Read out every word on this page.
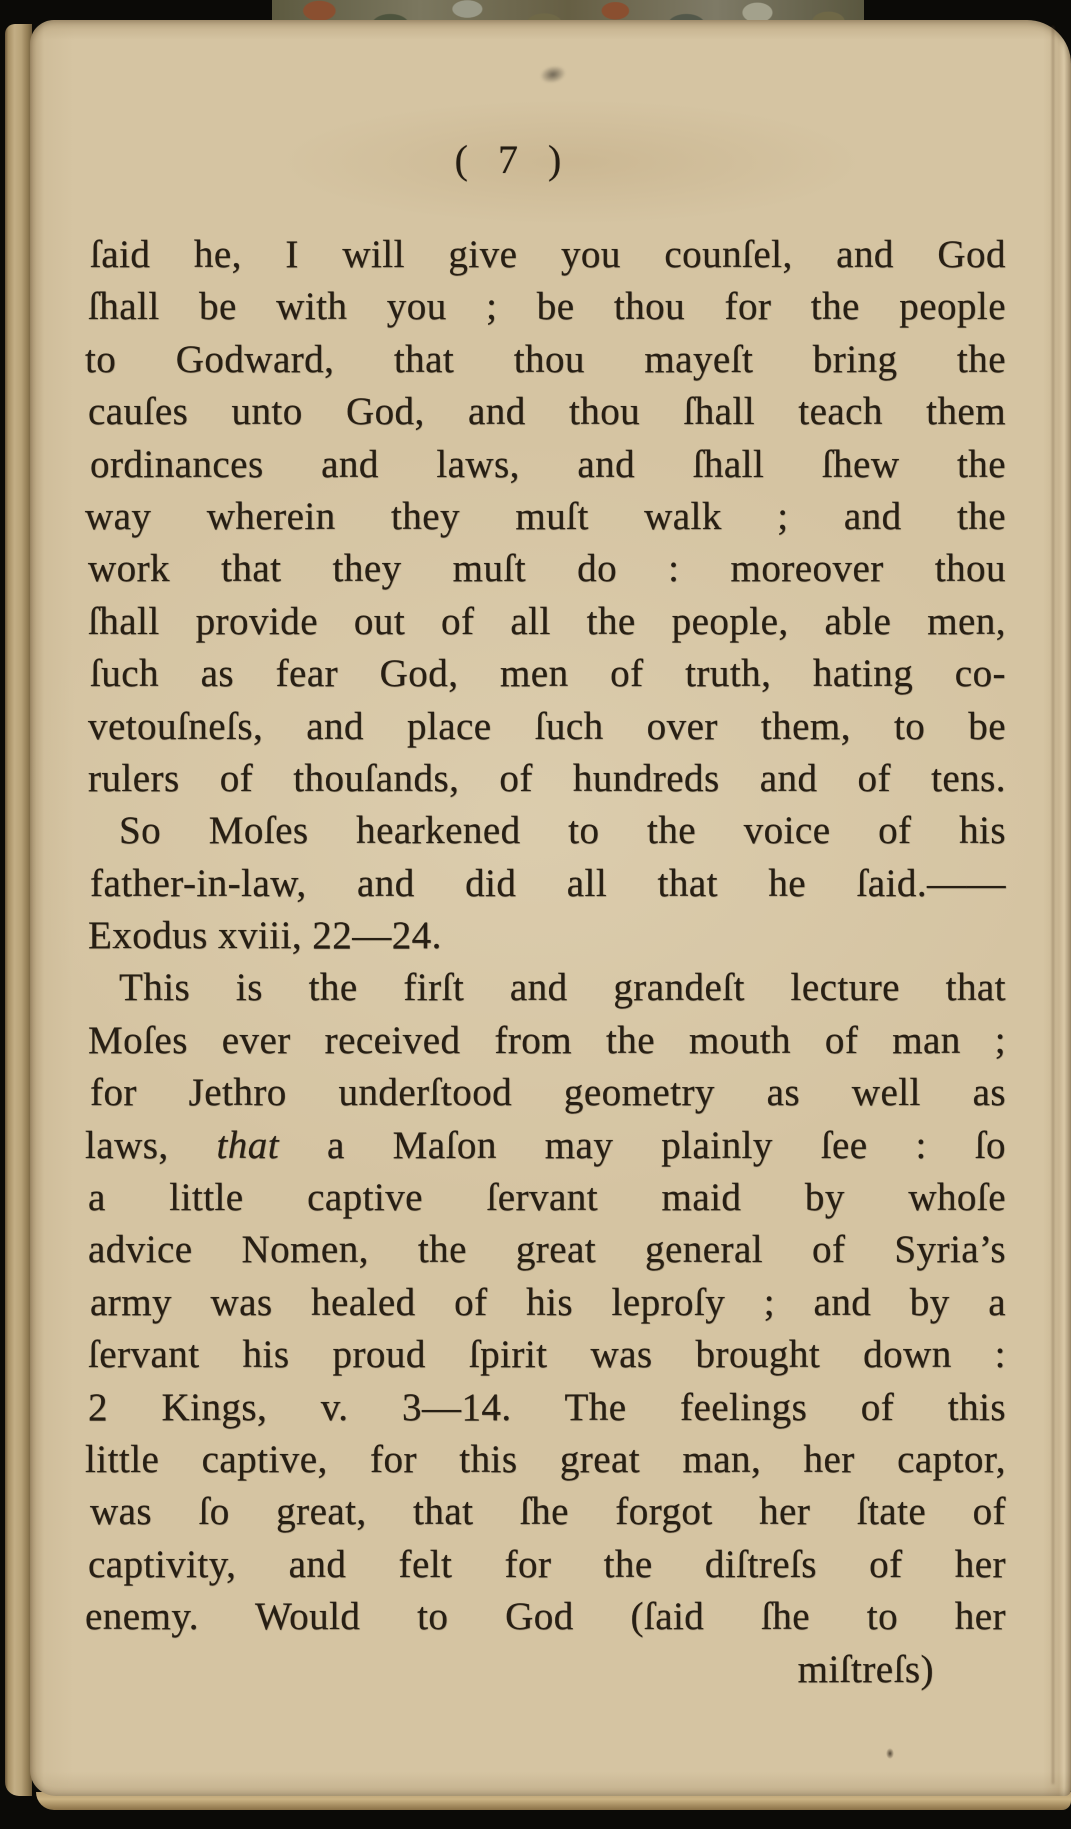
( 7 )
ſaid he, I will give you counſel, and God
ſhall be with you ; be thou for the people
to Godward, that thou mayeſt bring the
cauſes unto God, and thou ſhall teach them
ordinances and laws, and ſhall ſhew the
way wherein they muſt walk ; and the
work that they muſt do : moreover thou
ſhall provide out of all the people, able men,
ſuch as fear God, men of truth, hating co-
vetouſneſs, and place ſuch over them, to be
rulers of thouſands, of hundreds and of tens.
So Moſes hearkened to the voice of his
father-in-law, and did all that he ſaid.——
Exodus xviii, 22—24.
This is the firſt and grandeſt lecture that
Moſes ever received from the mouth of man ;
for Jethro underſtood geometry as well as
laws, that a Maſon may plainly ſee : ſo
a little captive ſervant maid by whoſe
advice Nomen, the great general of Syria’s
army was healed of his leproſy ; and by a
ſervant his proud ſpirit was brought down :
2 Kings, v. 3—14. The feelings of this
little captive, for this great man, her captor,
was ſo great, that ſhe forgot her ſtate of
captivity, and felt for the diſtreſs of her
enemy. Would to God (ſaid ſhe to her
miſtreſs)
